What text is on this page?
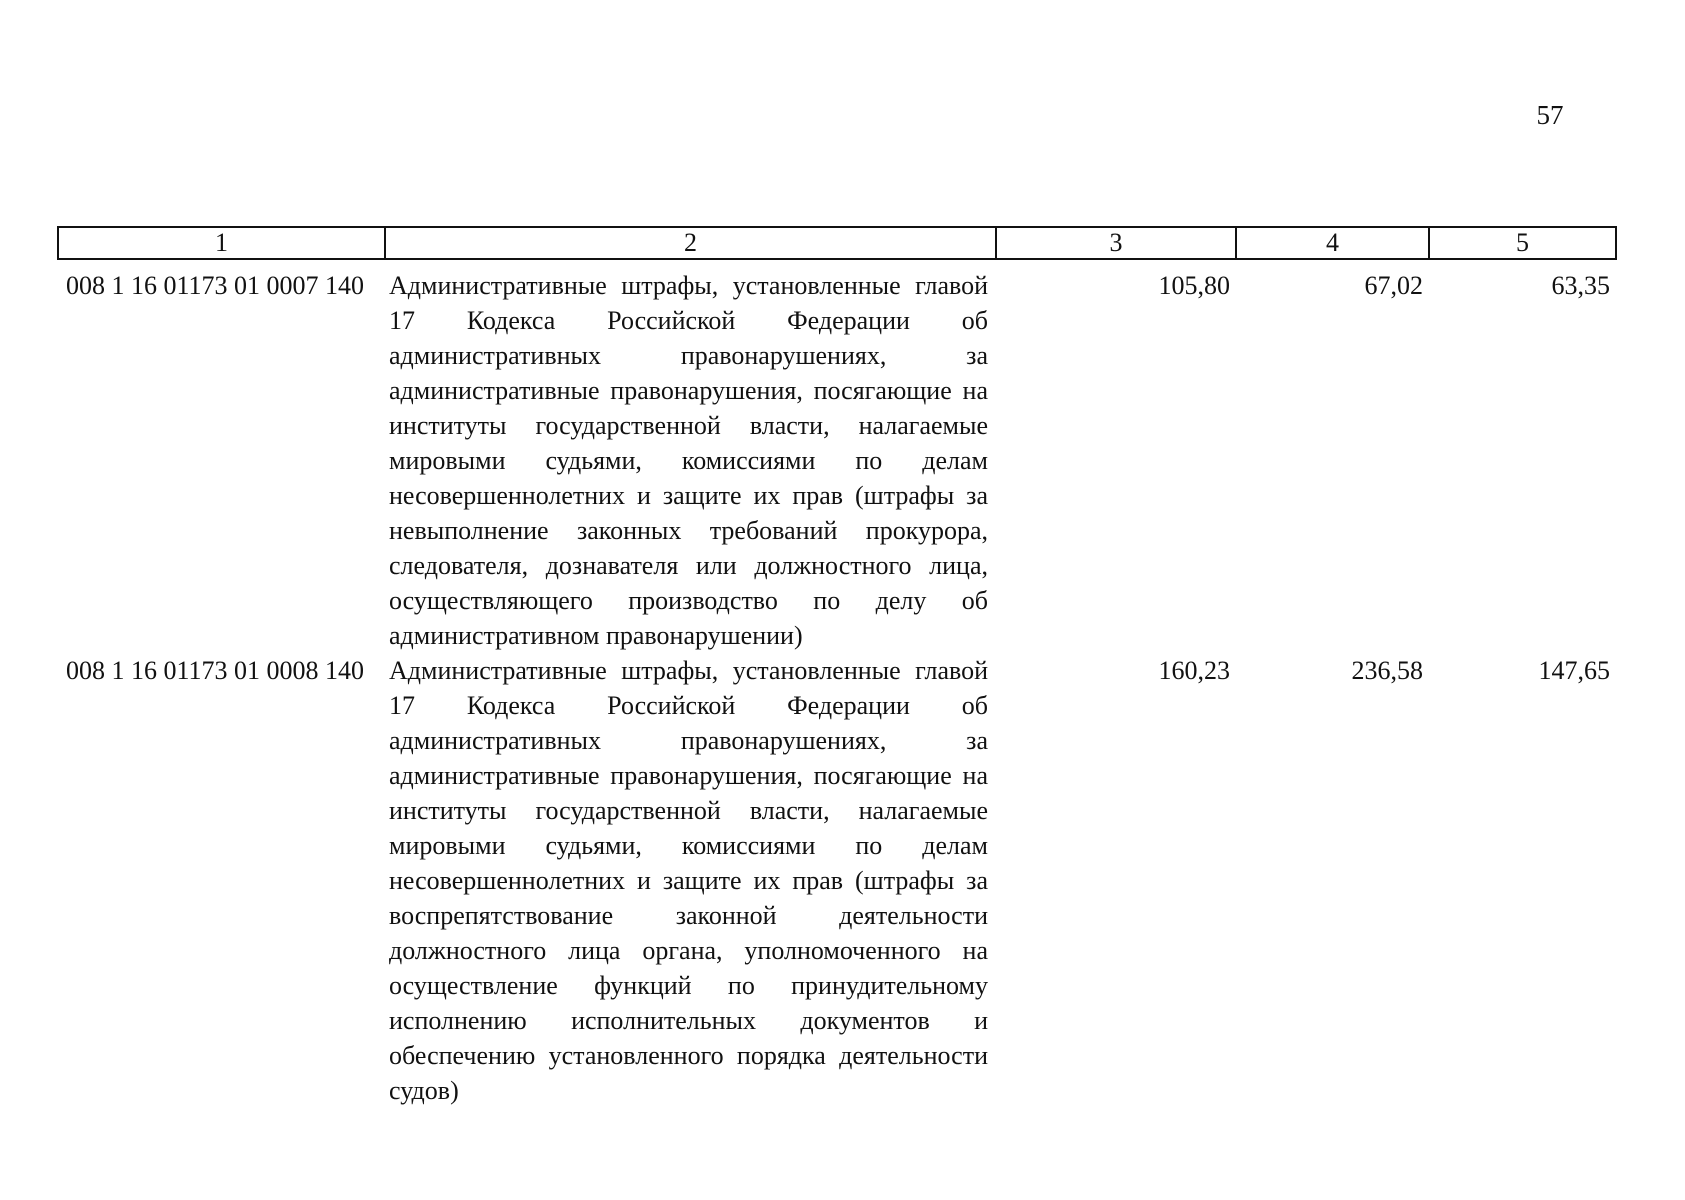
57
1	2	3	4	5
008 1 16 01173 01 0007 140	Административные штрафы, установленные главой 17 Кодекса Российской Федерации об административных правонарушениях, за административные правонарушения, посягающие на институты государственной власти, налагаемые мировыми судьями, комиссиями по делам несовершеннолетних и защите их прав (штрафы за невыполнение законных требований прокурора, следователя, дознавателя или должностного лица, осуществляющего производство по делу об административном правонарушении)	105,80	67,02	63,35
008 1 16 01173 01 0008 140	Административные штрафы, установленные главой 17 Кодекса Российской Федерации об административных правонарушениях, за административные правонарушения, посягающие на институты государственной власти, налагаемые мировыми судьями, комиссиями по делам несовершеннолетних и защите их прав (штрафы за воспрепятствование законной деятельности должностного лица органа, уполномоченного на осуществление функций по принудительному исполнению исполнительных документов и обеспечению установленного порядка деятельности судов)	160,23	236,58	147,65
